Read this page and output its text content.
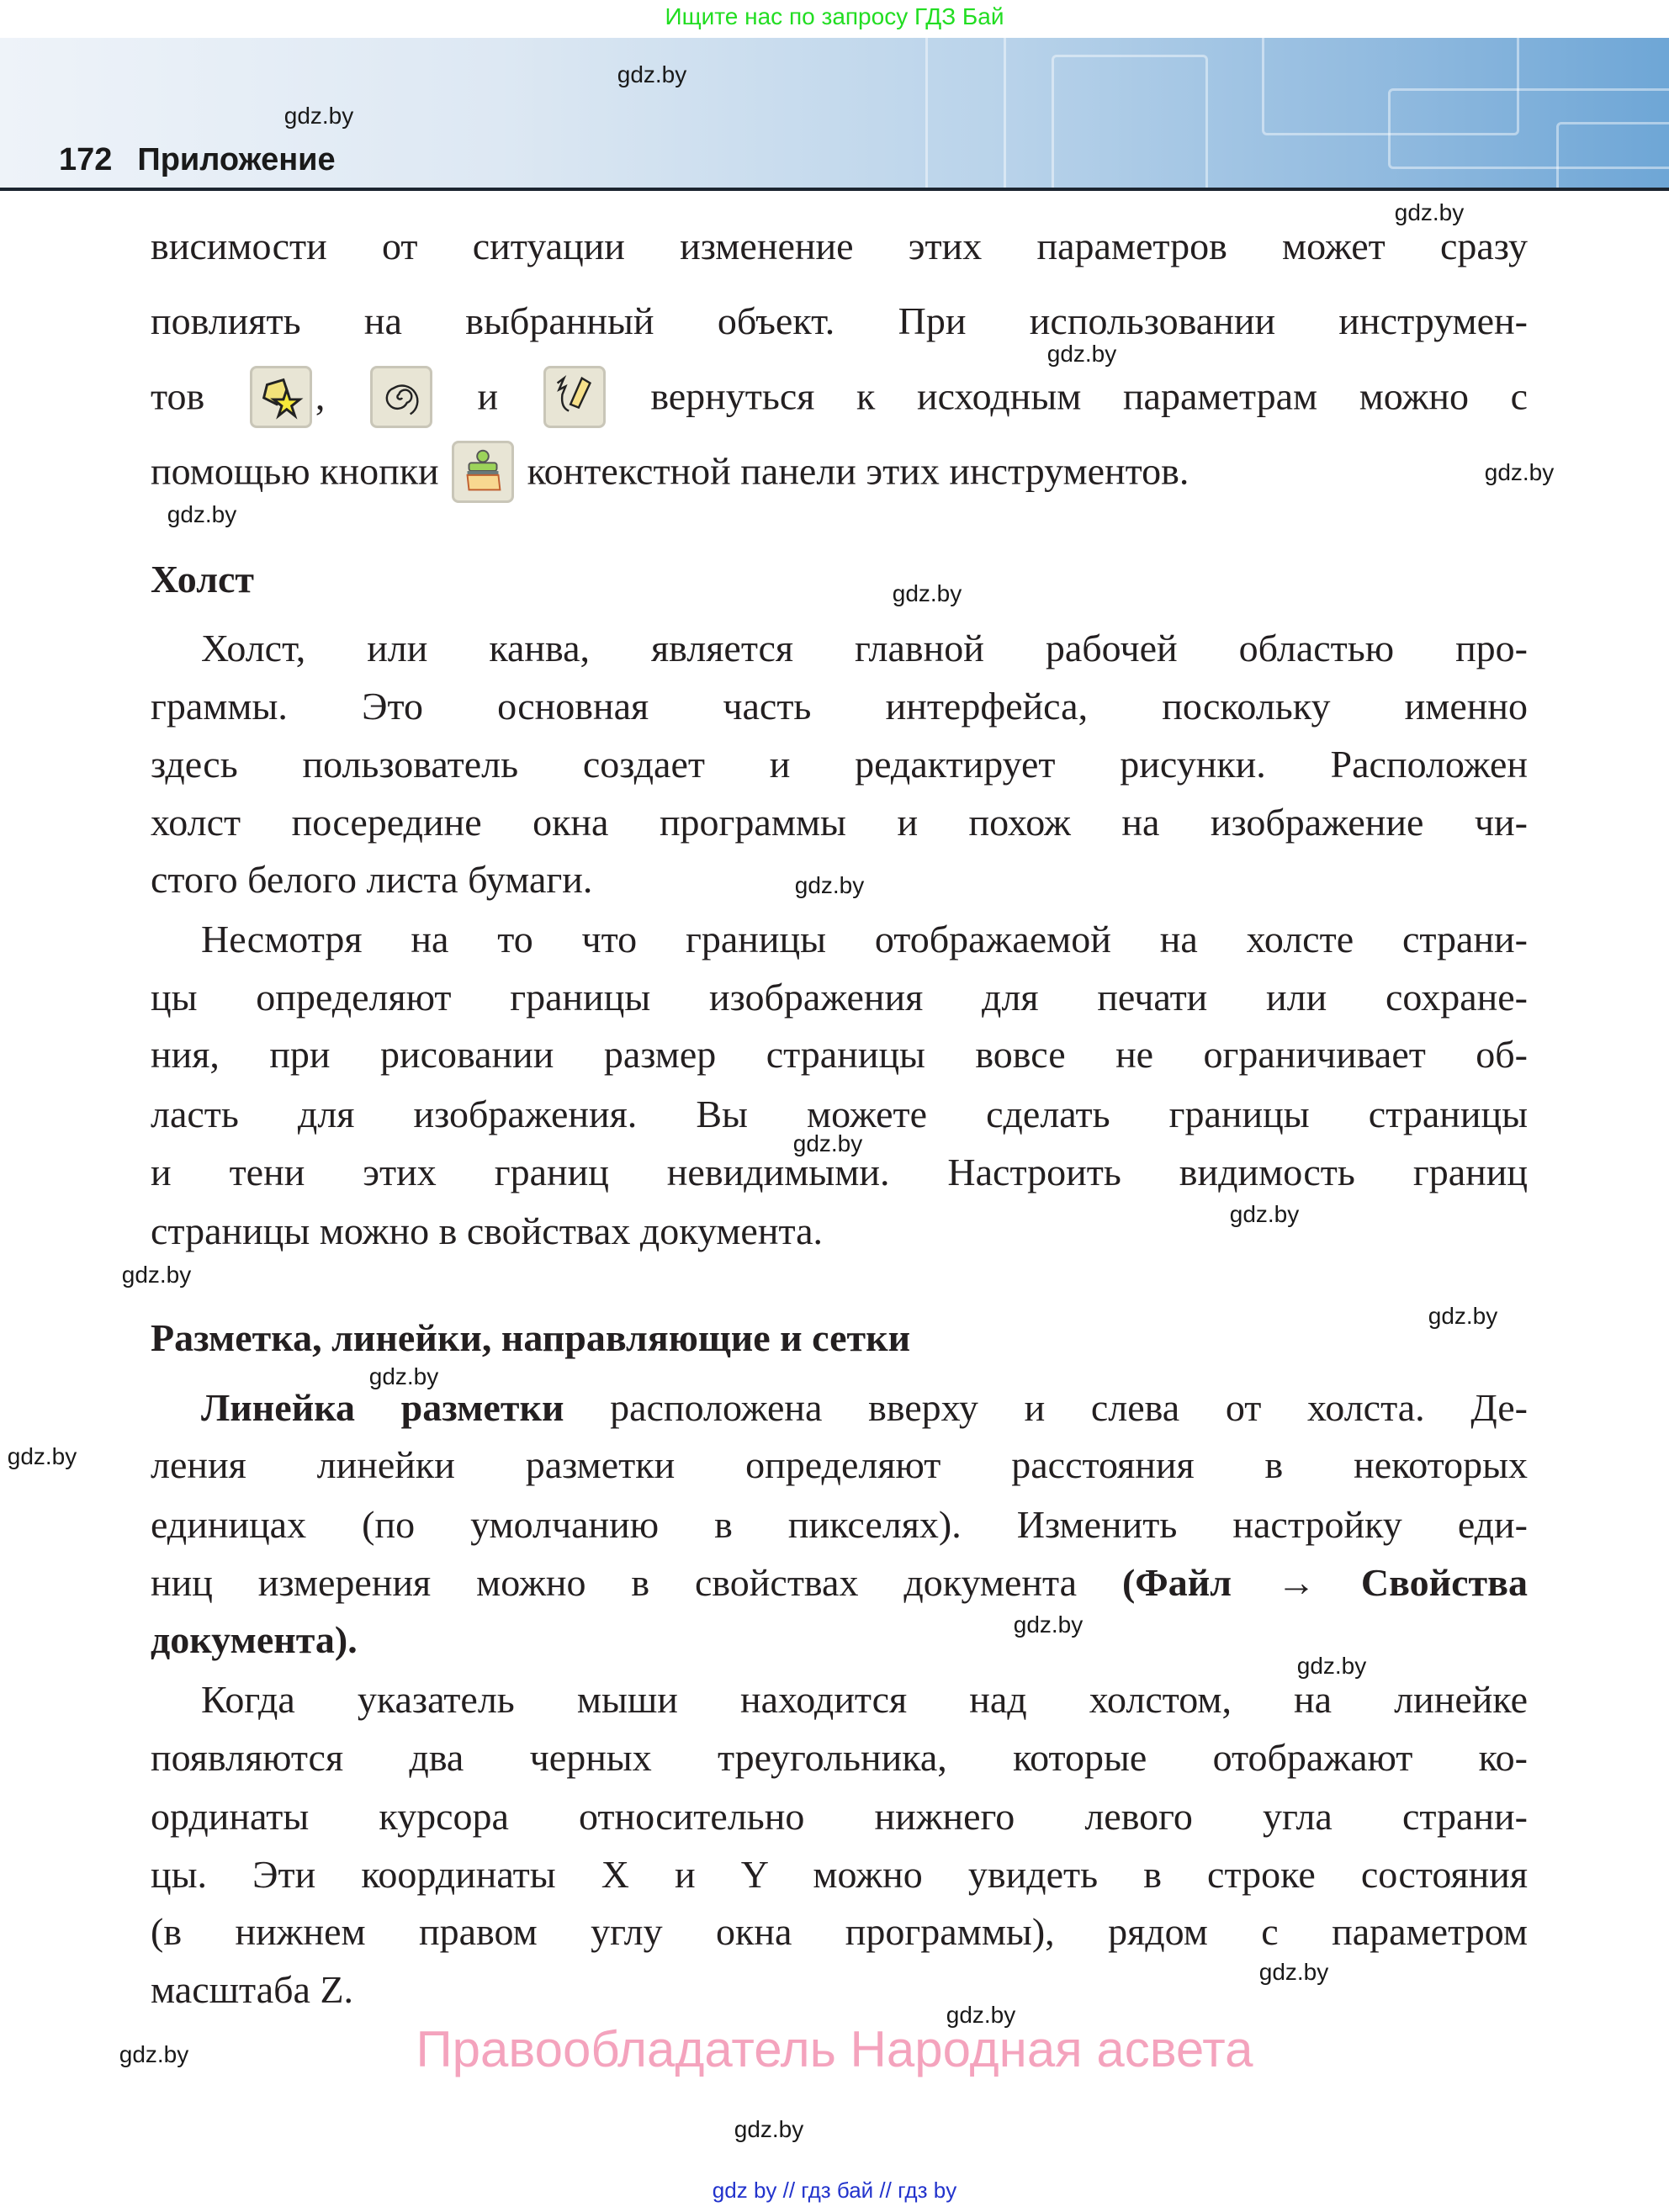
Ищите нас по запросу ГДЗ Бай
172 Приложение
висимости от ситуации изменение этих параметров может сразу
повлиять на выбранный объект. При использовании инструмен-
тов	,	и	вернуться к исходным параметрам можно с
помощью кнопки контекстной панели этих инструментов.
Холст
Холст, или канва, является главной рабочей областью про-
граммы. Это основная часть интерфейса, поскольку именно
здесь пользователь создает и редактирует рисунки. Расположен
холст посередине окна программы и похож на изображение чи-
стого белого листа бумаги.
Несмотря на то что границы отображаемой на холсте страни-
цы определяют границы изображения для печати или сохране-
ния, при рисовании размер страницы вовсе не ограничивает об-
ласть для изображения. Вы можете сделать границы страницы
и тени этих границ невидимыми. Настроить видимость границ
страницы можно в свойствах документа.
Разметка, линейки, направляющие и сетки
Линейка разметки расположена вверху и слева от холста. Де-
ления линейки разметки определяют расстояния в некоторых
единицах (по умолчанию в пикселях). Изменить настройку еди-
ниц измерения можно в свойствах документа (Файл → Свойства
документа).
Когда указатель мыши находится над холстом, на линейке
появляются два черных треугольника, которые отображают ко-
ординаты курсора относительно нижнего левого угла страни-
цы. Эти координаты X и Y можно увидеть в строке состояния
(в нижнем правом углу окна программы), рядом с параметром
масштаба Z.
Правообладатель Народная асвета
gdz by // гдз бай // гдз by
gdz.by
gdz.by
gdz.by
gdz.by
gdz.by
gdz.by
gdz.by
gdz.by
gdz.by
gdz.by
gdz.by
gdz.by
gdz.by
gdz.by
gdz.by
gdz.by
gdz.by
gdz.by
gdz.by
gdz.by
